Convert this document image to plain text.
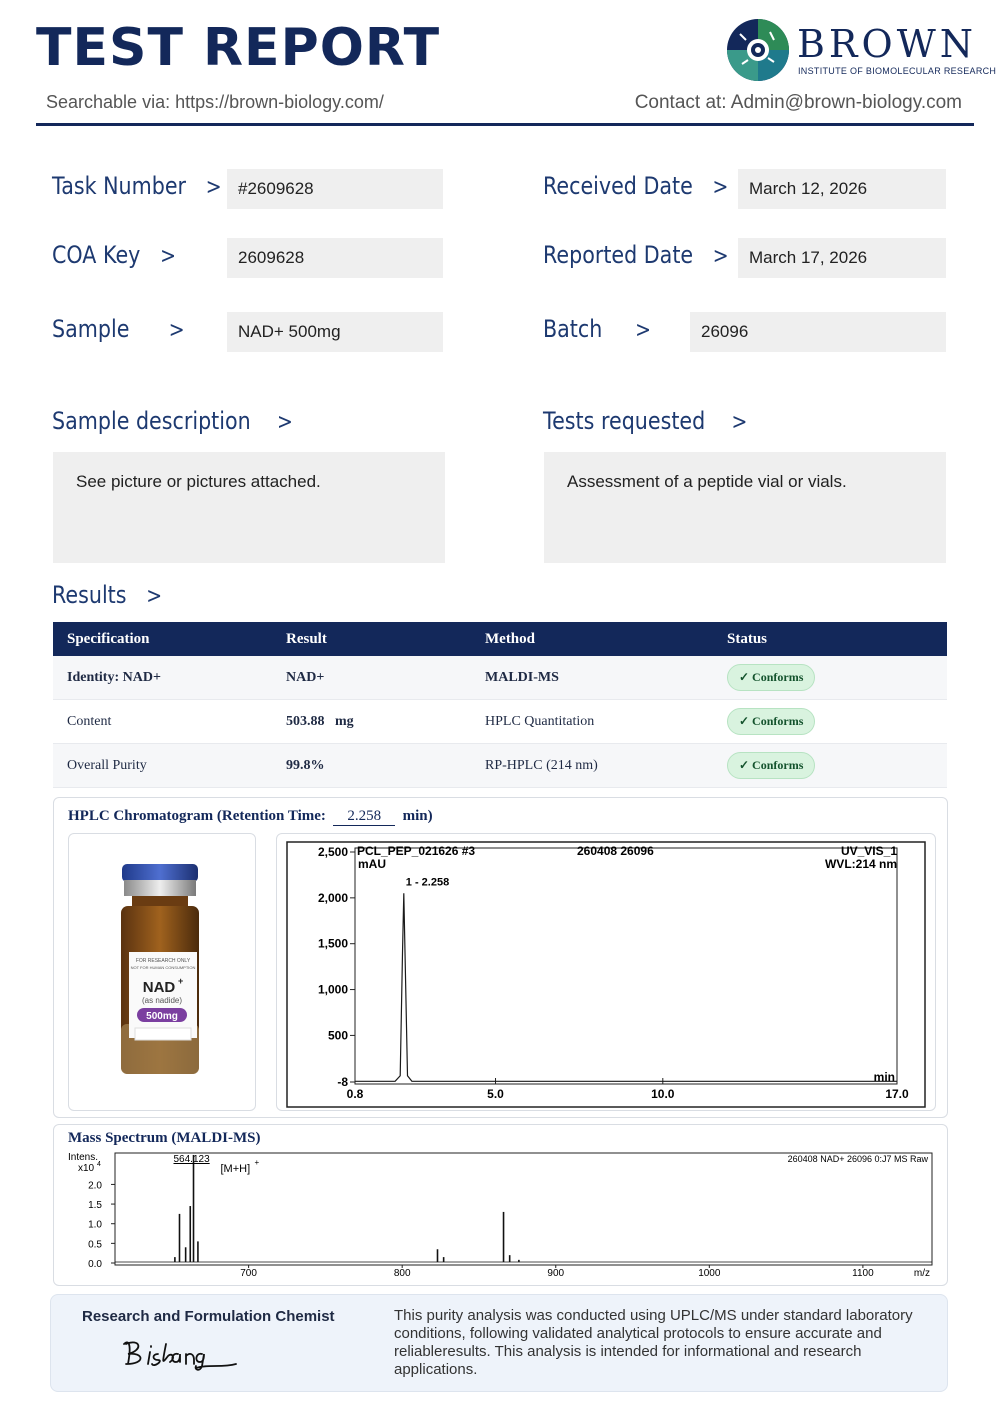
TEST REPORT
Searchable via: https://brown-biology.com/	Contact at: Admin@brown-biology.com
BROWN
INSTITUTE OF BIOMOLECULAR RESEARCH
Task Number > #2609628
COA Key >	2609628
Sample >	NAD+ 500mg
Received Date >	March 12, 2026
Reported Date >	March 17, 2026
Batch >	26096
Sample description >
See picture or pictures attached.
Tests requested >
Assessment of a peptide vial or vials.
Results >
Specification	Result	Method	Status
Identity: NAD+	NAD+	MALDI-MS	✓ Conforms
Content	503.88 mg	HPLC Quantitation	✓ Conforms
Overall Purity	99.8%	RP-HPLC (214 nm)	✓ Conforms
HPLC Chromatogram (Retention Time: 2.258 min)
FOR RESEARCH ONLY
NOT FOR HUMAN CONSUMPTION
NAD +
(as nadide)
500mg
PCL_PEP_021626 #3	260408 26096	UV_VIS_1
mAU	WVL:214 nm
min
-8
500
1,000
1,500
2,000
2,500
0.8	5.0	10.0	17.0
1 - 2.258
Mass Spectrum (MALDI-MS)
Intens.
x10 4
260408 NAD+ 26096 0:J7 MS Raw
m/z
0.0
0.5
1.0
1.5
2.0
700	800	900	1000	1100
564.123
[M+H]
+
Research and Formulation Chemist	This purity analysis was conducted using UPLC/MS under standard laboratory conditions, following validated analytical protocols to ensure accurate and reliableresults. This analysis is intended for informational and research applications.
